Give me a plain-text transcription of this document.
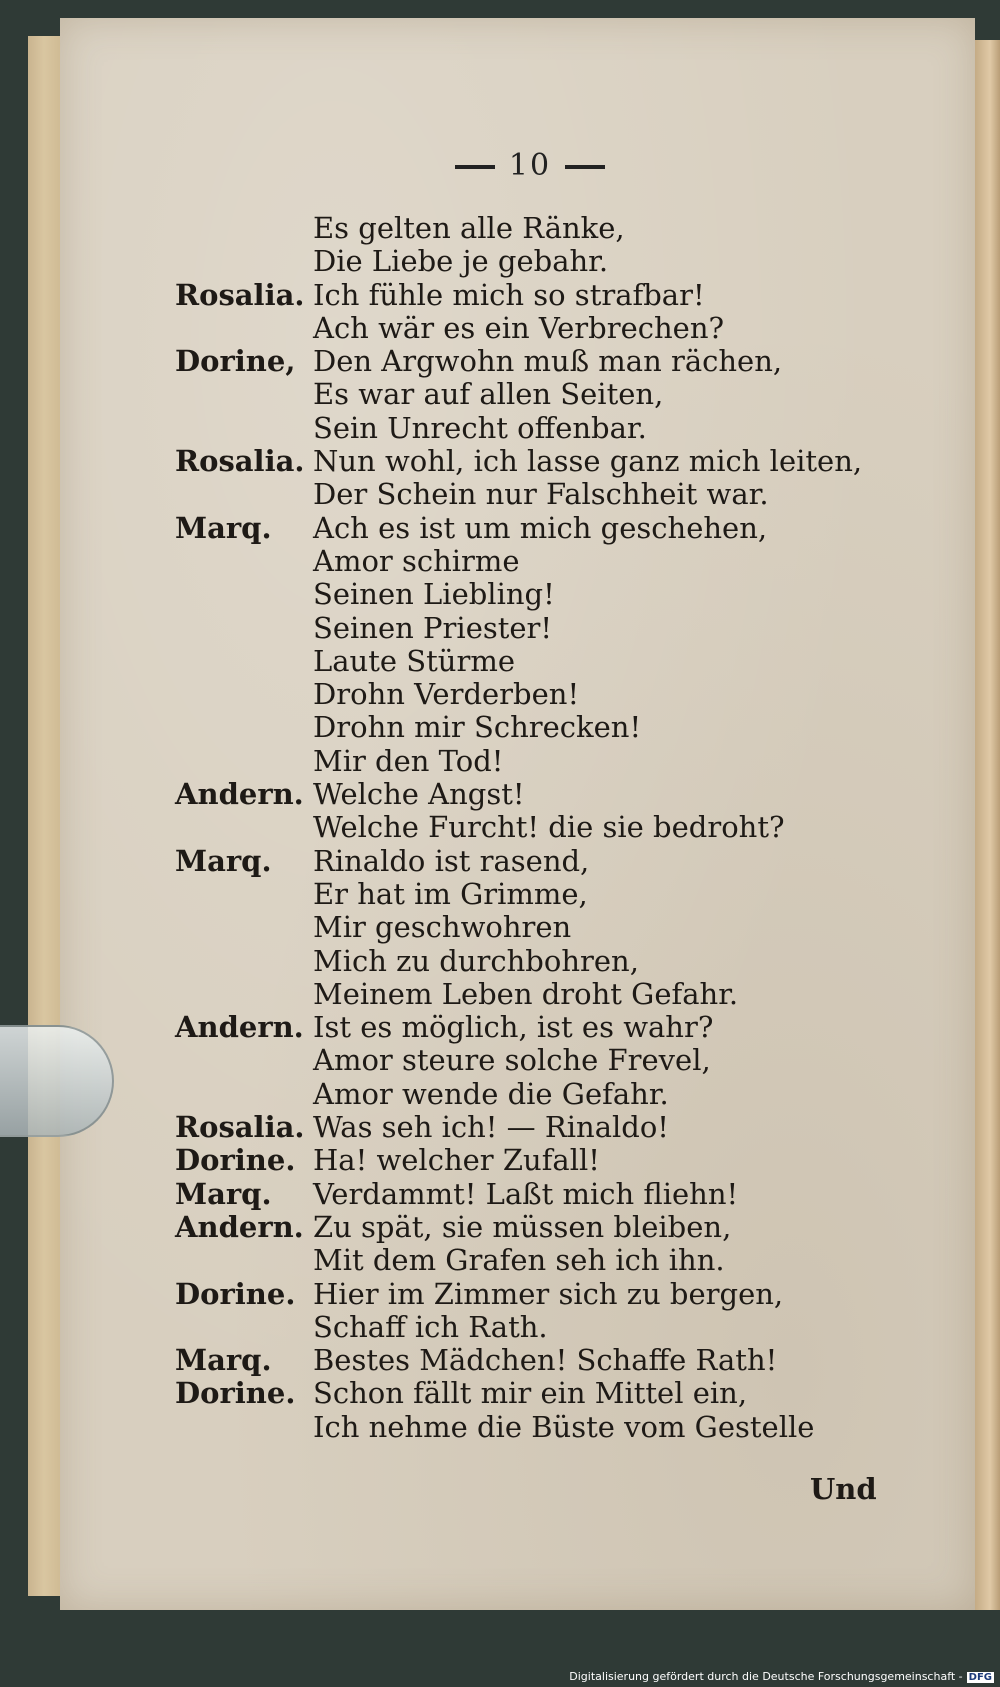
10
Es gelten alle Ränke,
Die Liebe je gebahr.
Rosalia. Ich fühle mich so strafbar!
Ach wär es ein Verbrechen?
Dorine, Den Argwohn muß man rächen,
Es war auf allen Seiten,
Sein Unrecht offenbar.
Rosalia. Nun wohl, ich lasse ganz mich leiten,
Der Schein nur Falschheit war.
Marq. Ach es ist um mich geschehen,
Amor schirme
Seinen Liebling!
Seinen Priester!
Laute Stürme
Drohn Verderben!
Drohn mir Schrecken!
Mir den Tod!
Andern. Welche Angst!
Welche Furcht! die sie bedroht?
Marq. Rinaldo ist rasend,
Er hat im Grimme,
Mir geschwohren
Mich zu durchbohren,
Meinem Leben droht Gefahr.
Andern. Ist es möglich, ist es wahr?
Amor steure solche Frevel,
Amor wende die Gefahr.
Rosalia. Was seh ich! — Rinaldo!
Dorine. Ha! welcher Zufall!
Marq. Verdammt! Laßt mich fliehn!
Andern. Zu spät, sie müssen bleiben,
Mit dem Grafen seh ich ihn.
Dorine. Hier im Zimmer sich zu bergen,
Schaff ich Rath.
Marq. Bestes Mädchen! Schaffe Rath!
Dorine. Schon fällt mir ein Mittel ein,
Ich nehme die Büste vom Gestelle
Und
Digitalisierung gefördert durch die Deutsche Forschungsgemeinschaft - DFG
